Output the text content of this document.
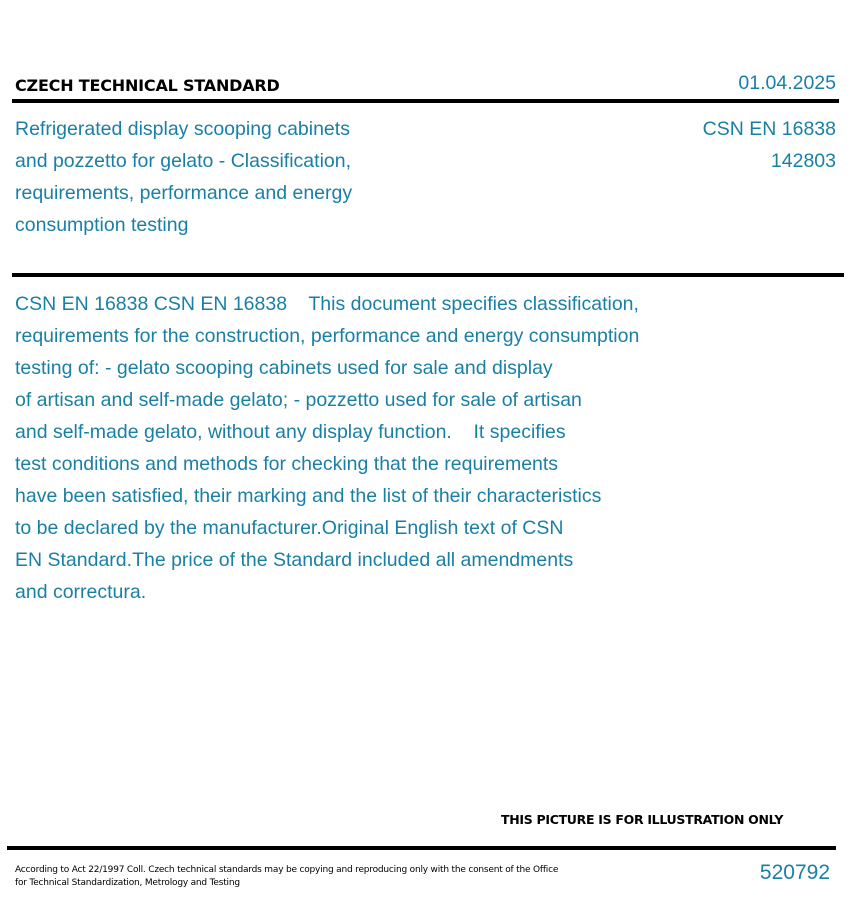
CZECH TECHNICAL STANDARD	01.04.2025
Refrigerated display scooping cabinets
and pozzetto for gelato - Classification,
requirements, performance and energy
consumption testing
CSN EN 16838
142803
CSN EN 16838 CSN EN 16838    This document specifies classification,
requirements for the construction, performance and energy consumption
testing of: - gelato scooping cabinets used for sale and display
of artisan and self-made gelato; - pozzetto used for sale of artisan
and self-made gelato, without any display function.    It specifies
test conditions and methods for checking that the requirements
have been satisfied, their marking and the list of their characteristics
to be declared by the manufacturer.Original English text of CSN
EN Standard.The price of the Standard included all amendments
and correctura.
THIS PICTURE IS FOR ILLUSTRATION ONLY
According to Act 22/1997 Coll. Czech technical standards may be copying and reproducing only with the consent of the Office
for Technical Standardization, Metrology and Testing	520792
